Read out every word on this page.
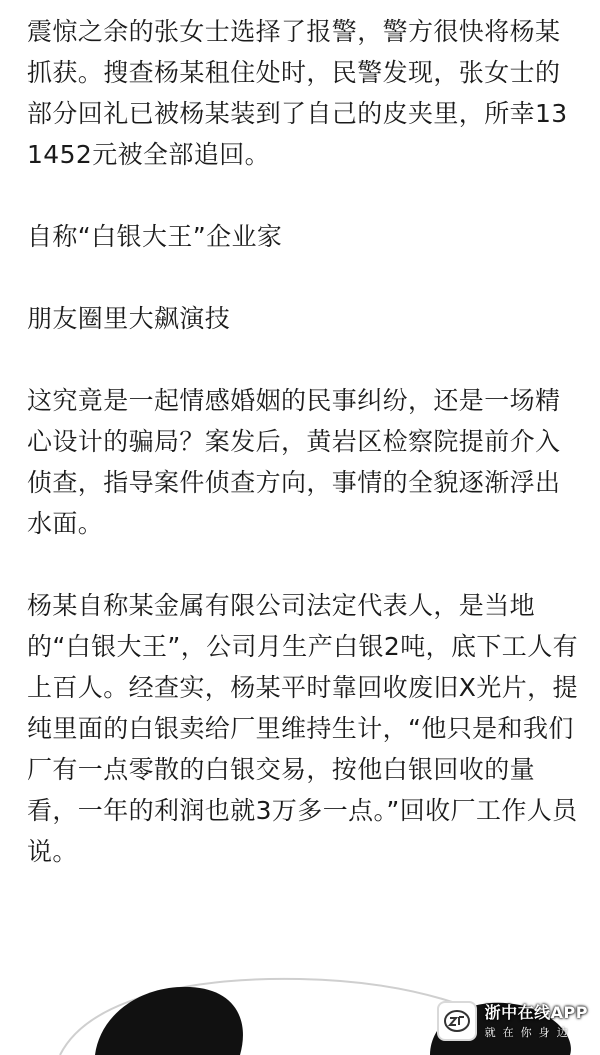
震惊之余的张女士选择了报警，警方很快将杨某抓获。搜查杨某租住处时，民警发现，张女士的部分回礼已被杨某装到了自己的皮夹里，所幸131452元被全部追回。

自称“白银大王”企业家

朋友圈里大飙演技

这究竟是一起情感婚姻的民事纠纷，还是一场精心设计的骗局？案发后，黄岩区检察院提前介入侦查，指导案件侦查方向，事情的全貌逐渐浮出水面。

杨某自称某金属有限公司法定代表人，是当地的“白银大王”，公司月生产白银2吨，底下工人有上百人。经查实，杨某平时靠回收废旧X光片，提纯里面的白银卖给厂里维持生计，“他只是和我们厂有一点零散的白银交易，按他白银回收的量看，一年的利润也就3万多一点。”回收厂工作人员说。

浙中在线APP
就在你身边
